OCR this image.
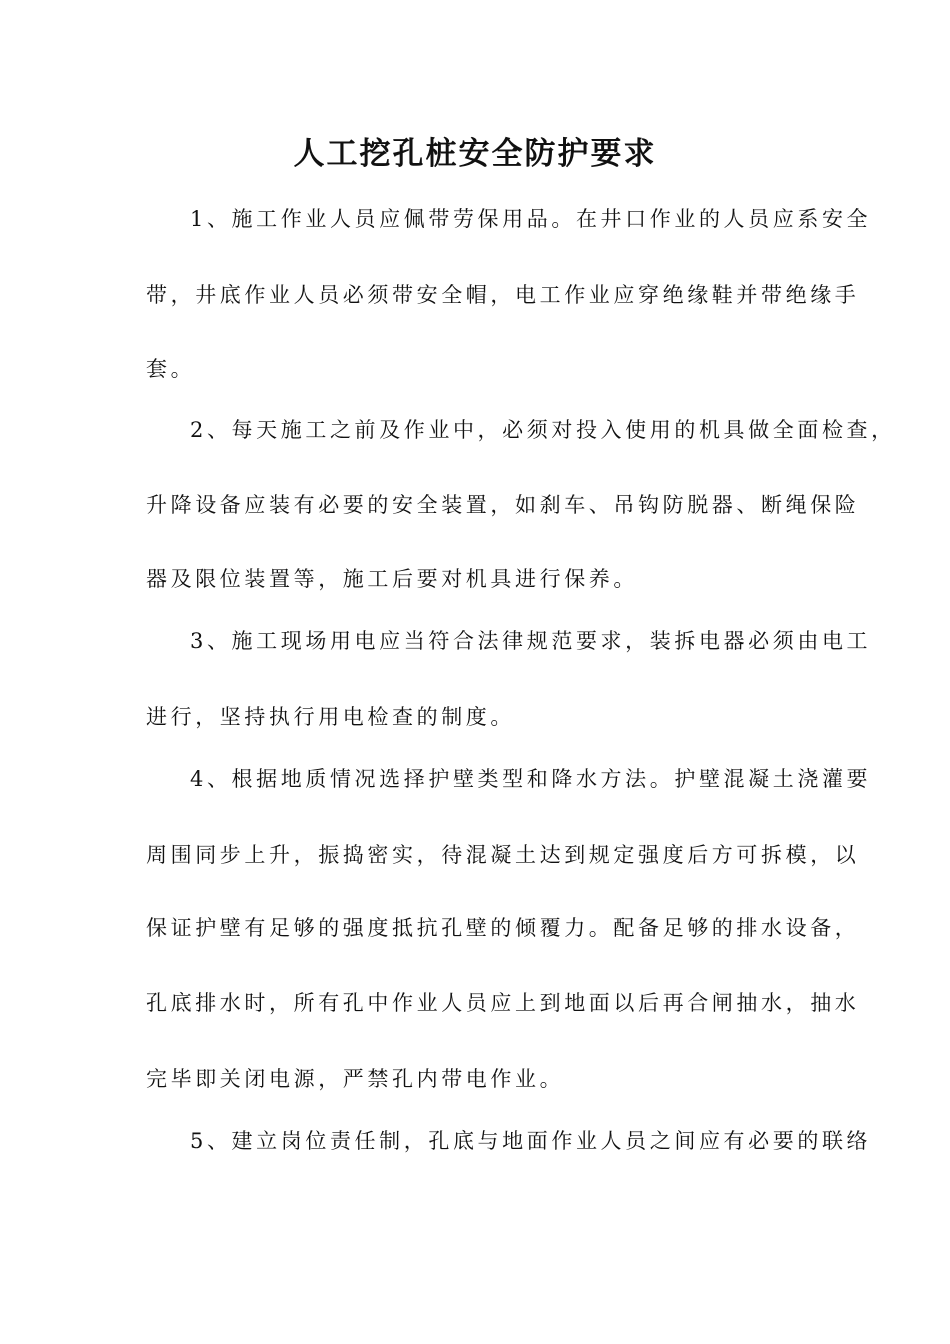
人工挖孔桩安全防护要求

1、施工作业人员应佩带劳保用品。在井口作业的人员应系安全

带，井底作业人员必须带安全帽，电工作业应穿绝缘鞋并带绝缘手

套。

2、每天施工之前及作业中，必须对投入使用的机具做全面检查，

升降设备应装有必要的安全装置，如刹车、吊钩防脱器、断绳保险

器及限位装置等，施工后要对机具进行保养。

3、施工现场用电应当符合法律规范要求，装拆电器必须由电工

进行，坚持执行用电检查的制度。

4、根据地质情况选择护壁类型和降水方法。护壁混凝土浇灌要

周围同步上升，振捣密实，待混凝土达到规定强度后方可拆模，以

保证护壁有足够的强度抵抗孔壁的倾覆力。配备足够的排水设备，

孔底排水时，所有孔中作业人员应上到地面以后再合闸抽水，抽水

完毕即关闭电源，严禁孔内带电作业。

5、建立岗位责任制，孔底与地面作业人员之间应有必要的联络
